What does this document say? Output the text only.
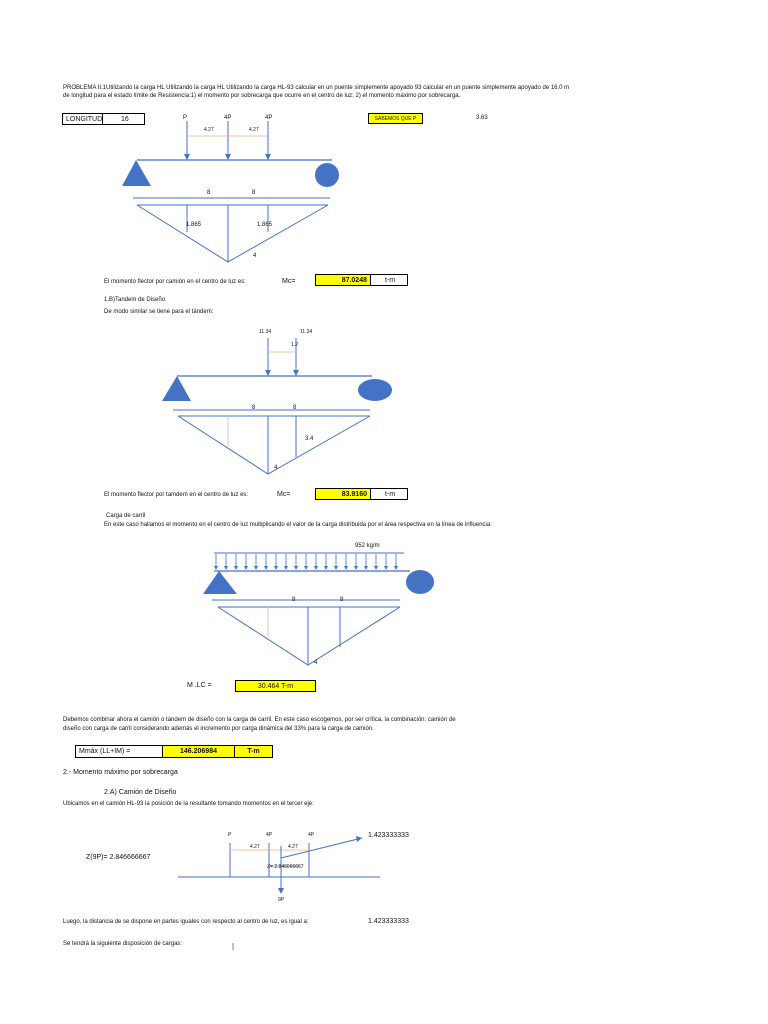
PROBLEMA II.1Utilizando la carga HL Utilizando la carga HL Utilizando la carga HL-93 calcular en un puente simplemente apoyado 93 calcular en un puente simplemente apoyado de 16.0 m
de longitud para el estado límite de Resistencia:1) el momento por sobrecarga que ocurre en el centro de luz; 2) el momento máximo por sobrecarga.
LONGITUD	16	SABEMOS QUE P	3.63
P	4P	4P
4.27	4.27
8	8
1.865	1.865
4
El momento flector por camión en el centro de luz es:	Mc=	87.0248	t-m
1.B)Tandem de Diseño
De modo similar se tiene para el tándem:
11.34	11.34
1.2
8	8
3.4
4
El momento flector por tamdem en el centro de luz es:	Mc=	83.9160	t-m
Carga de carril
En este caso hallamos el momento en el centro de luz multiplicando el valor de la carga distribuida por el área respectiva en la línea de influencia:
952 kg/m
8	8
4
M .LC =	30.464 T-m
Debemos combinar ahora el camión o tándem de diseño con la carga de carril. En este caso escogemos, por ser crítica, la combinación: camión de
diseño con carga de carril considerando además el incremento por carga dinámica del 33% para la carga de camión.
Mmáx (LL+IM) =	146.206984	T-m
2.- Momento máximo por sobrecarga
2.A) Camión de Diseño
Ubicamos en el camión HL-93 la posición de la resultante tomando momentos en el tercer eje:
P	4P	4P
4.27	4.27
1.423333333
Z(9P)= 2.846666667
Z= 2.846666667
9P
Luego, la distancia de se dispone en partes iguales con respecto al centro de luz, es igual a:	1.423333333
Se tendrá la siguiente disposición de cargas:
